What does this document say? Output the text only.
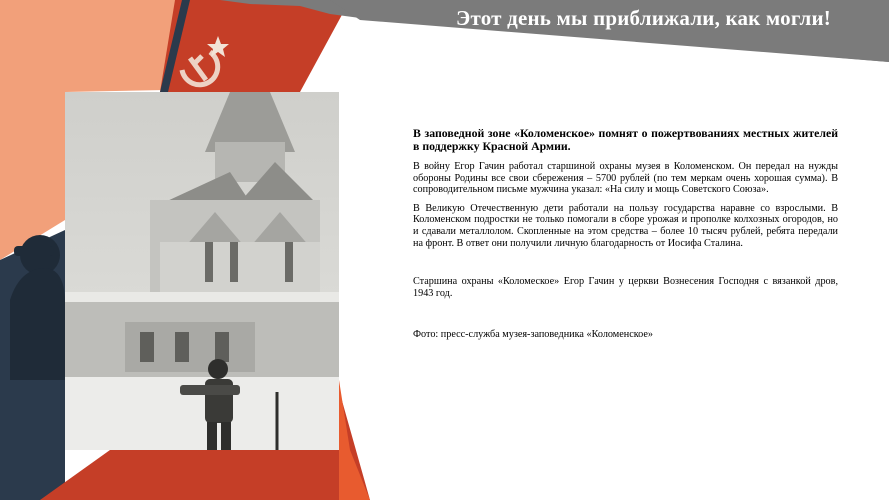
Этот день мы приближали, как могли!

В заповедной зоне «Коломенское» помнят о пожертвованиях местных жителей в поддержку Красной Армии.

В войну Егор Гачин работал старшиной охраны музея в Коломенском. Он передал на нужды обороны Родины все свои сбережения – 5700 рублей (по тем меркам очень хорошая сумма). В сопроводительном письме мужчина указал: «На силу и мощь Советского Союза».

В Великую Отечественную дети работали на пользу государства наравне со взрослыми. В Коломенском подростки не только помогали в сборе урожая и прополке колхозных огородов, но и сдавали металлолом. Скопленные на этом средства – более 10 тысяч рублей, ребята передали на фронт. В ответ они получили личную благодарность от Иосифа Сталина.

Старшина охраны «Коломеское» Егор Гачин у церкви Вознесения Господня с вязанкой дров, 1943 год.

Фото: пресс-служба музея-заповедника «Коломенское»
